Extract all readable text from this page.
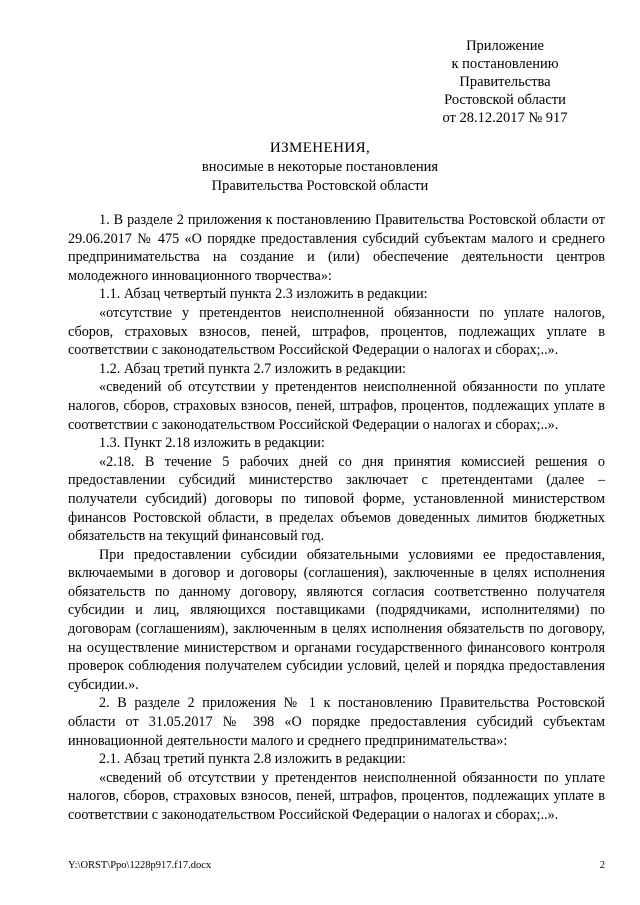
Приложение
к постановлению
Правительства
Ростовской области
от 28.12.2017 № 917
ИЗМЕНЕНИЯ,
вносимые в некоторые постановления
Правительства Ростовской области

1. В разделе 2 приложения к постановлению Правительства Ростовской области от 29.06.2017 № 475 «О порядке предоставления субсидий субъектам малого и среднего предпринимательства на создание и (или) обеспечение деятельности центров молодежного инновационного творчества»:

1.1. Абзац четвертый пункта 2.3 изложить в редакции:

«отсутствие у претендентов неисполненной обязанности по уплате налогов, сборов, страховых взносов, пеней, штрафов, процентов, подлежащих уплате в соответствии с законодательством Российской Федерации о налогах и сборах;..».

1.2. Абзац третий пункта 2.7 изложить в редакции:

«сведений об отсутствии у претендентов неисполненной обязанности по уплате налогов, сборов, страховых взносов, пеней, штрафов, процентов, подлежащих уплате в соответствии с законодательством Российской Федерации о налогах и сборах;..».

1.3. Пункт 2.18 изложить в редакции:

«2.18. В течение 5 рабочих дней со дня принятия комиссией решения о предоставлении субсидий министерство заключает с претендентами (далее – получатели субсидий) договоры по типовой форме, установленной министерством финансов Ростовской области, в пределах объемов доведенных лимитов бюджетных обязательств на текущий финансовый год.

При предоставлении субсидии обязательными условиями ее предоставления, включаемыми в договор и договоры (соглашения), заключенные в целях исполнения обязательств по данному договору, являются согласия соответственно получателя субсидии и лиц, являющихся поставщиками (подрядчиками, исполнителями) по договорам (соглашениям), заключенным в целях исполнения обязательств по договору, на осуществление министерством и органами государственного финансового контроля проверок соблюдения получателем субсидии условий, целей и порядка предоставления субсидии.».

2. В разделе 2 приложения № 1 к постановлению Правительства Ростовской области от 31.05.2017 № 398 «О порядке предоставления субсидий субъектам инновационной деятельности малого и среднего предпринимательства»:

2.1. Абзац третий пункта 2.8 изложить в редакции:

«сведений об отсутствии у претендентов неисполненной обязанности по уплате налогов, сборов, страховых взносов, пеней, штрафов, процентов, подлежащих уплате в соответствии с законодательством Российской Федерации о налогах и сборах;..».

Y:\ORST\Ppo\1228p917.f17.docx	2
